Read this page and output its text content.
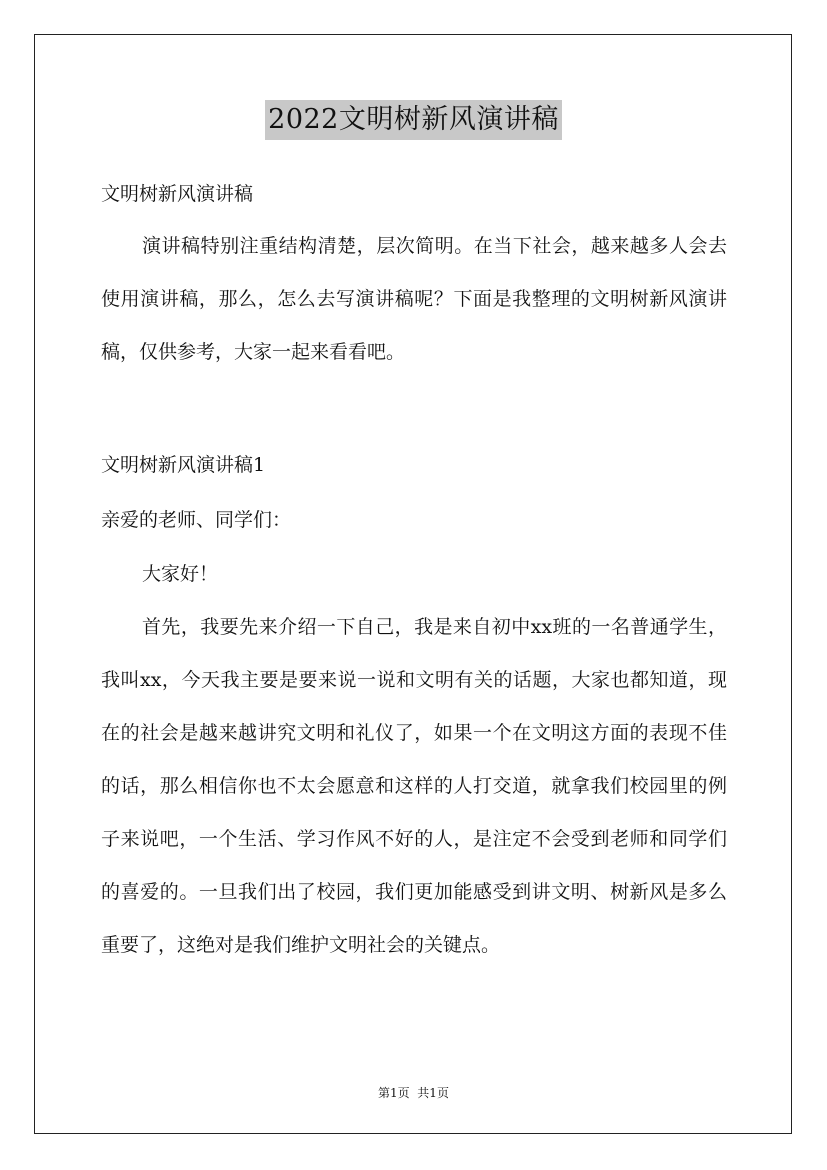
2022文明树新风演讲稿
文明树新风演讲稿

演讲稿特别注重结构清楚，层次简明。在当下社会，越来越多人会去使用演讲稿，那么，怎么去写演讲稿呢？下面是我整理的文明树新风演讲稿，仅供参考，大家一起来看看吧。

文明树新风演讲稿1
亲爱的老师、同学们：
大家好！

首先，我要先来介绍一下自己，我是来自初中xx班的一名普通学生，我叫xx，今天我主要是要来说一说和文明有关的话题，大家也都知道，现在的社会是越来越讲究文明和礼仪了，如果一个在文明这方面的表现不佳的话，那么相信你也不太会愿意和这样的人打交道，就拿我们校园里的例子来说吧，一个生活、学习作风不好的人，是注定不会受到老师和同学们的喜爱的。一旦我们出了校园，我们更加能感受到讲文明、树新风是多么重要了，这绝对是我们维护文明社会的关键点。

第1页  共1页
